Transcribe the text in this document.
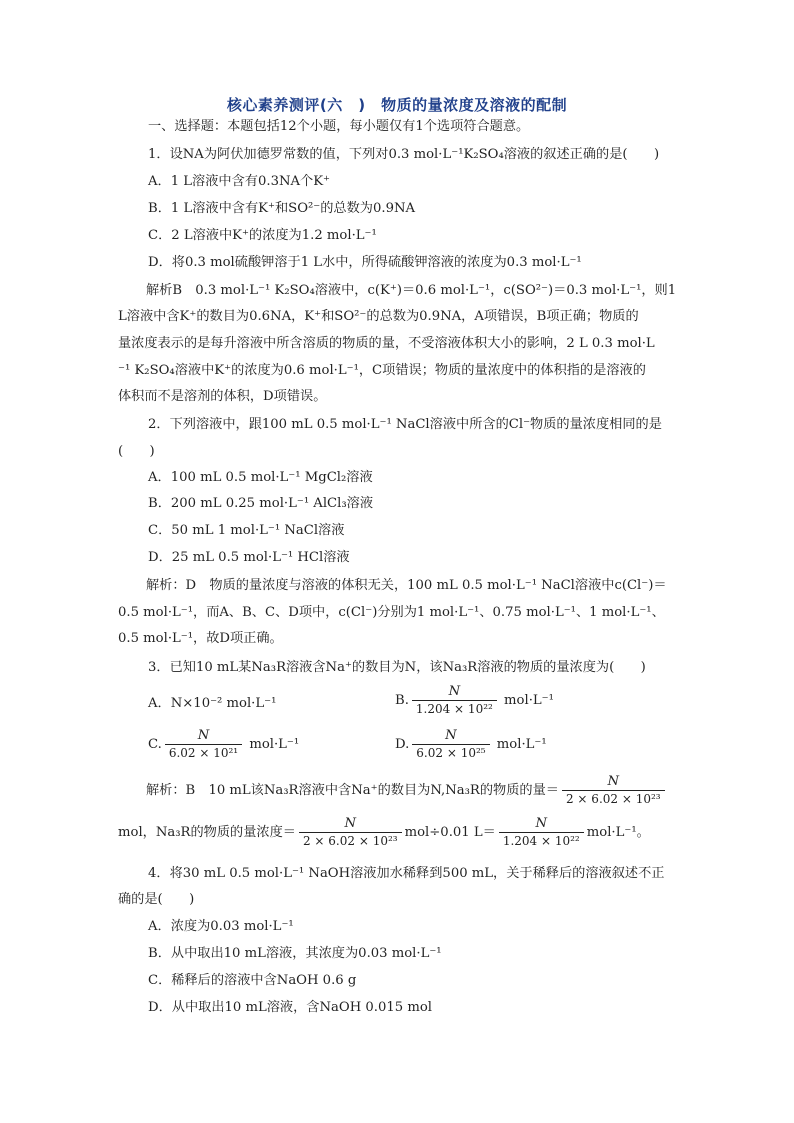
核心素养测评(六　)　物质的量浓度及溶液的配制
一、选择题：本题包括12个小题，每小题仅有1个选项符合题意。
1．设NA为阿伏加德罗常数的值，下列对0.3 mol·L⁻¹K₂SO₄溶液的叙述正确的是(　　)
A．1 L溶液中含有0.3NA个K⁺
B．1 L溶液中含有K⁺和SO²⁻的总数为0.9NA
C．2 L溶液中K⁺的浓度为1.2 mol·L⁻¹
D．将0.3 mol硫酸钾溶于1 L水中，所得硫酸钾溶液的浓度为0.3 mol·L⁻¹
解析B　0.3 mol·L⁻¹ K₂SO₄溶液中，c(K⁺)＝0.6 mol·L⁻¹，c(SO²⁻)＝0.3 mol·L⁻¹，则1
L溶液中含K⁺的数目为0.6NA，K⁺和SO²⁻的总数为0.9NA，A项错误，B项正确；物质的
量浓度表示的是每升溶液中所含溶质的物质的量，不受溶液体积大小的影响，2 L 0.3 mol·L
⁻¹ K₂SO₄溶液中K⁺的浓度为0.6 mol·L⁻¹，C项错误；物质的量浓度中的体积指的是溶液的
体积而不是溶剂的体积，D项错误。
2．下列溶液中，跟100 mL 0.5 mol·L⁻¹ NaCl溶液中所含的Cl⁻物质的量浓度相同的是
(　　)
A．100 mL 0.5 mol·L⁻¹ MgCl₂溶液
B．200 mL 0.25 mol·L⁻¹ AlCl₃溶液
C．50 mL 1 mol·L⁻¹ NaCl溶液
D．25 mL 0.5 mol·L⁻¹ HCl溶液
解析：D　物质的量浓度与溶液的体积无关，100 mL 0.5 mol·L⁻¹ NaCl溶液中c(Cl⁻)＝
0.5 mol·L⁻¹，而A、B、C、D项中，c(Cl⁻)分别为1 mol·L⁻¹、0.75 mol·L⁻¹、1 mol·L⁻¹、
0.5 mol·L⁻¹，故D项正确。
3．已知10 mL某Na₃R溶液含Na⁺的数目为N，该Na₃R溶液的物质的量浓度为(　　)
A．N×10⁻² mol·L⁻¹	B. $\frac{N}{\text{1.204 × 10²²}} mol\cdot L^{-1}$
C. $\frac{N}{\text{6.02 × 10²¹}} mol\cdot L^{-1}$	D. $\frac{N}{\text{6.02 × 10²⁵}} mol\cdot L^{-1}$
解析：B　10 mL该Na₃R溶液中含Na⁺的数目为N,Na₃R的物质的量＝ $\frac{N}{\text{2 × 6.02 × 10²³}}$
mol，Na₃R的物质的量浓度＝ $\frac{N}{\text{2 × 6.02 × 10²³}} mol\div 0.01$ $L= \frac{N}{\text{1.204 × 10²²}} mol\cdot L^{-1}$。
4．将30 mL 0.5 mol·L⁻¹ NaOH溶液加水稀释到500 mL，关于稀释后的溶液叙述不正
确的是(　　)
A．浓度为0.03 mol·L⁻¹
B．从中取出10 mL溶液，其浓度为0.03 mol·L⁻¹
C．稀释后的溶液中含NaOH 0.6 g
D．从中取出10 mL溶液，含NaOH 0.015 mol
